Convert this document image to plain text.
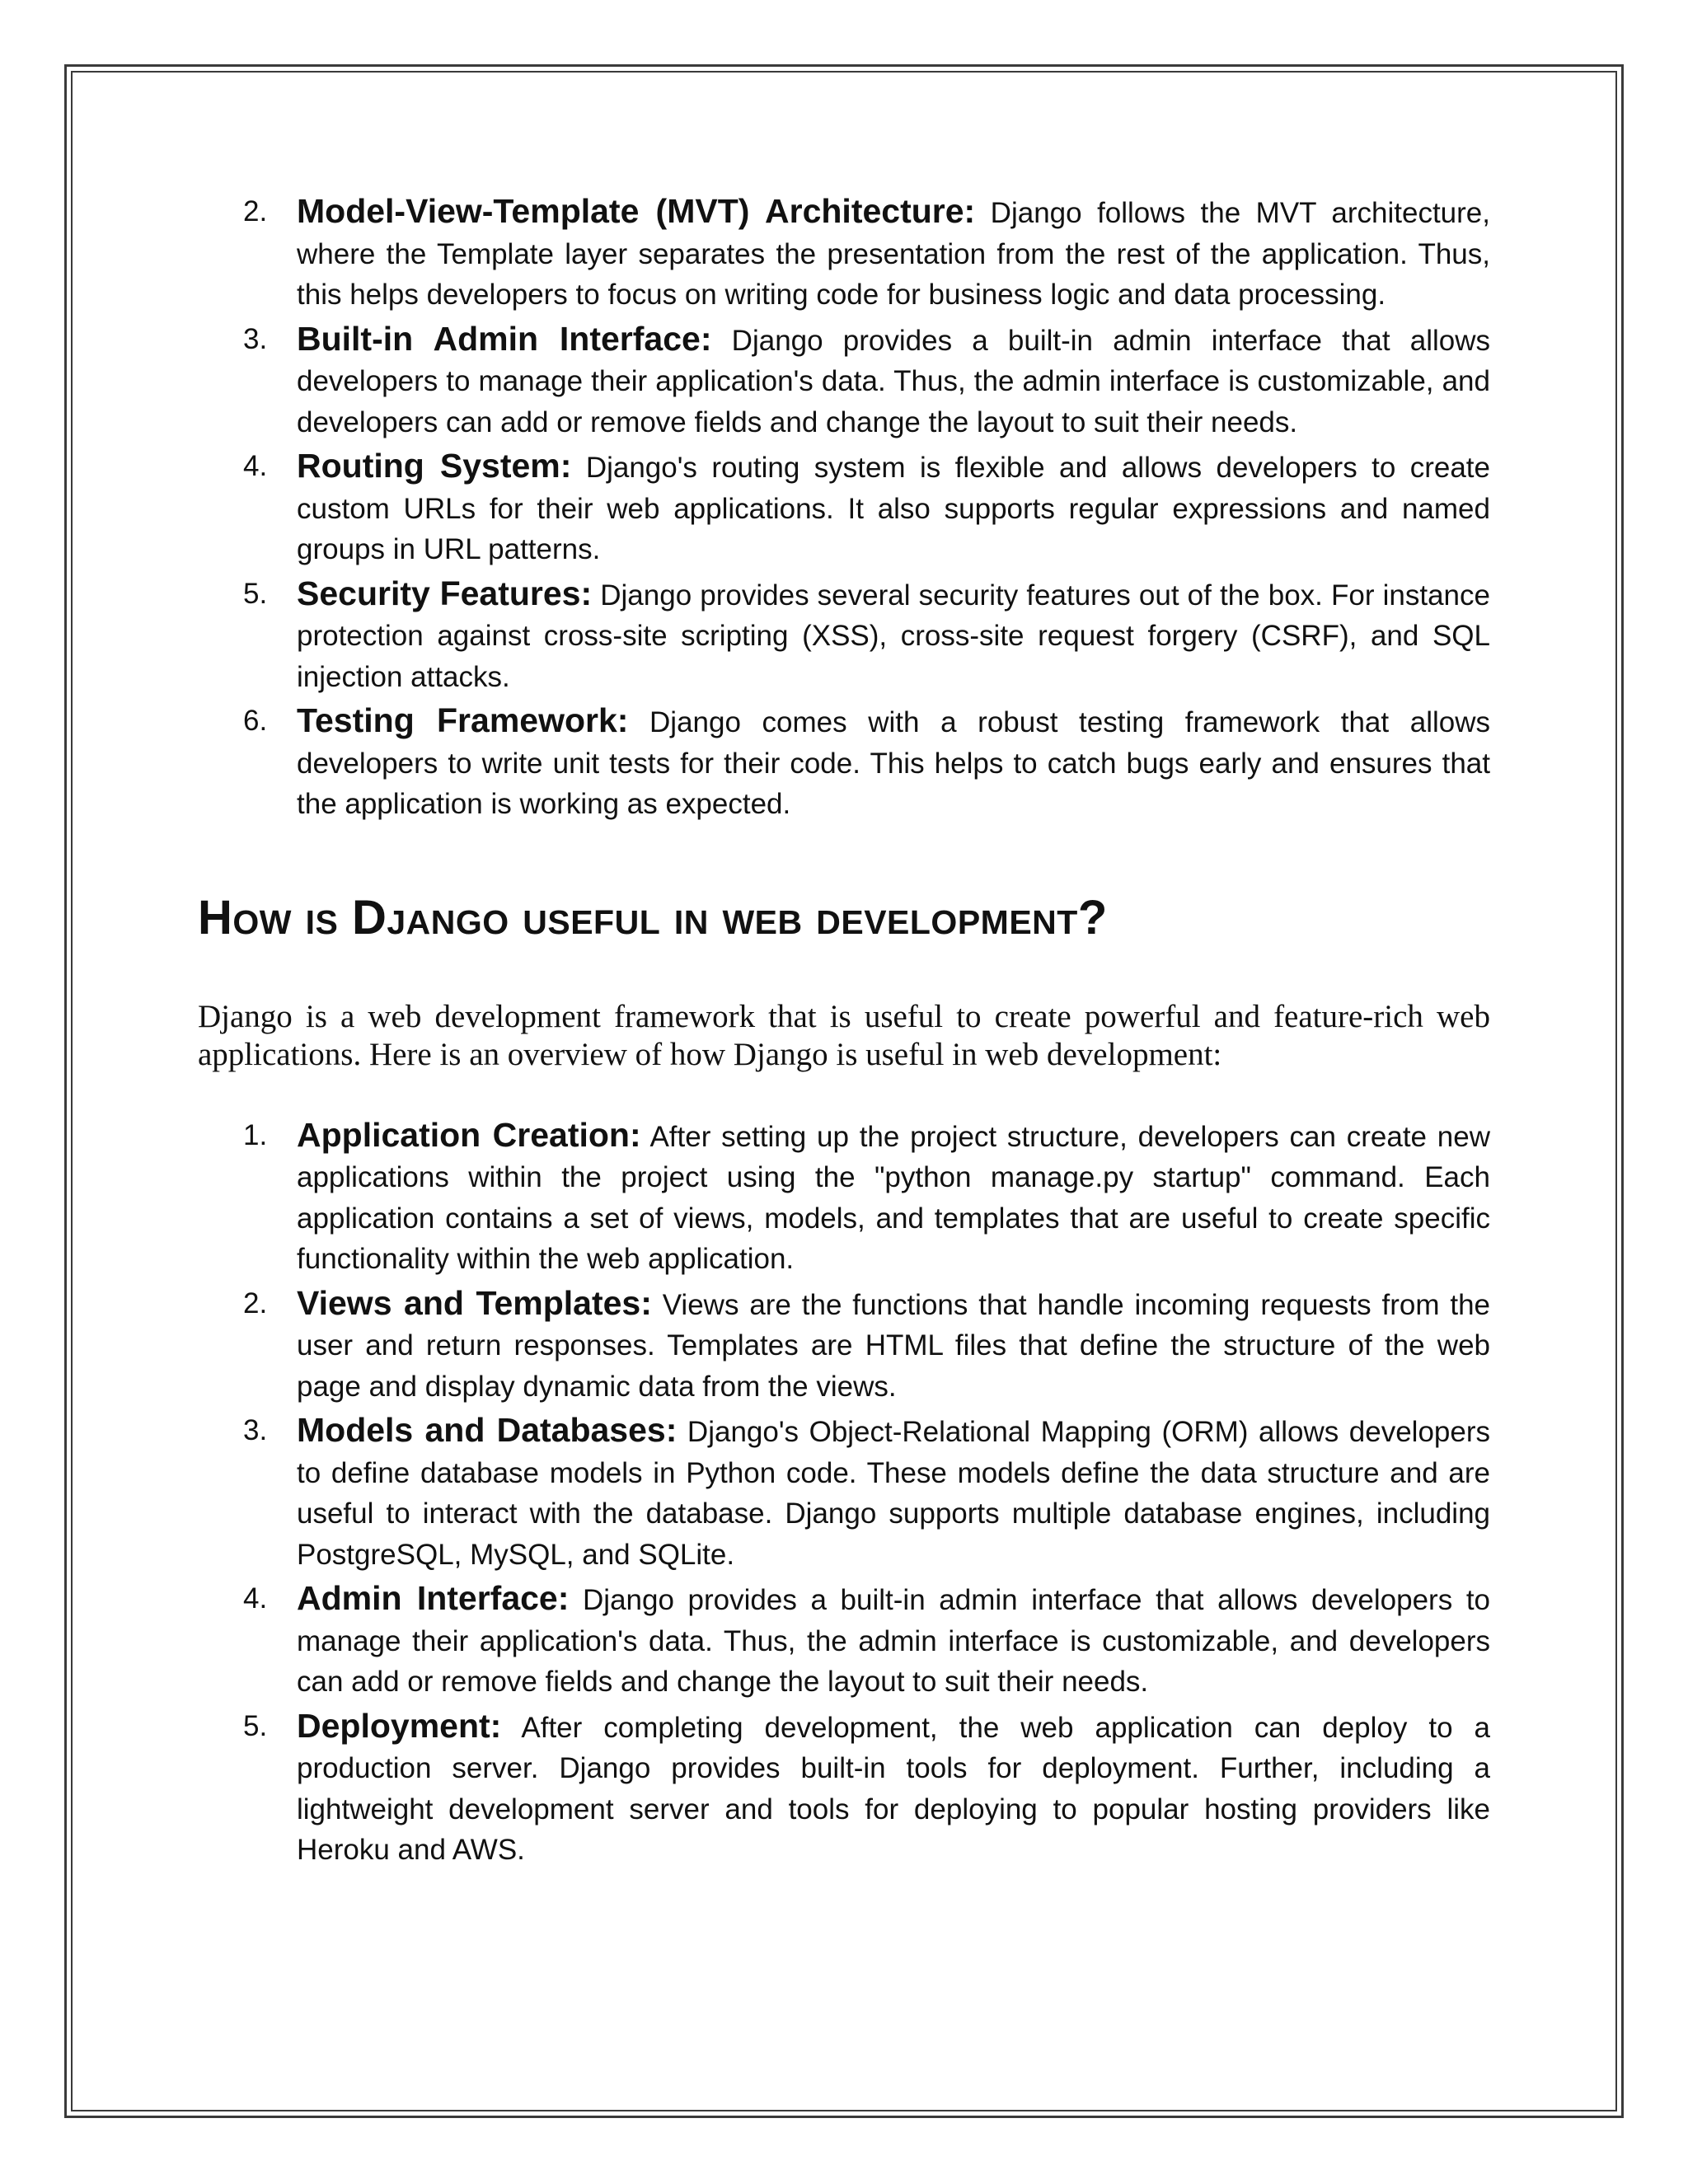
2. Model-View-Template (MVT) Architecture: Django follows the MVT architecture, where the Template layer separates the presentation from the rest of the application. Thus, this helps developers to focus on writing code for business logic and data processing.
3. Built-in Admin Interface: Django provides a built-in admin interface that allows developers to manage their application's data. Thus, the admin interface is customizable, and developers can add or remove fields and change the layout to suit their needs.
4. Routing System: Django's routing system is flexible and allows developers to create custom URLs for their web applications. It also supports regular expressions and named groups in URL patterns.
5. Security Features: Django provides several security features out of the box. For instance protection against cross-site scripting (XSS), cross-site request forgery (CSRF), and SQL injection attacks.
6. Testing Framework: Django comes with a robust testing framework that allows developers to write unit tests for their code. This helps to catch bugs early and ensures that the application is working as expected.
How is Django useful in web development?

Django is a web development framework that is useful to create powerful and feature-rich web applications. Here is an overview of how Django is useful in web development:

1. Application Creation: After setting up the project structure, developers can create new applications within the project using the "python manage.py startup" command. Each application contains a set of views, models, and templates that are useful to create specific functionality within the web application.
2. Views and Templates: Views are the functions that handle incoming requests from the user and return responses. Templates are HTML files that define the structure of the web page and display dynamic data from the views.
3. Models and Databases: Django's Object-Relational Mapping (ORM) allows developers to define database models in Python code. These models define the data structure and are useful to interact with the database. Django supports multiple database engines, including PostgreSQL, MySQL, and SQLite.
4. Admin Interface: Django provides a built-in admin interface that allows developers to manage their application's data. Thus, the admin interface is customizable, and developers can add or remove fields and change the layout to suit their needs.
5. Deployment: After completing development, the web application can deploy to a production server. Django provides built-in tools for deployment. Further, including a lightweight development server and tools for deploying to popular hosting providers like Heroku and AWS.
